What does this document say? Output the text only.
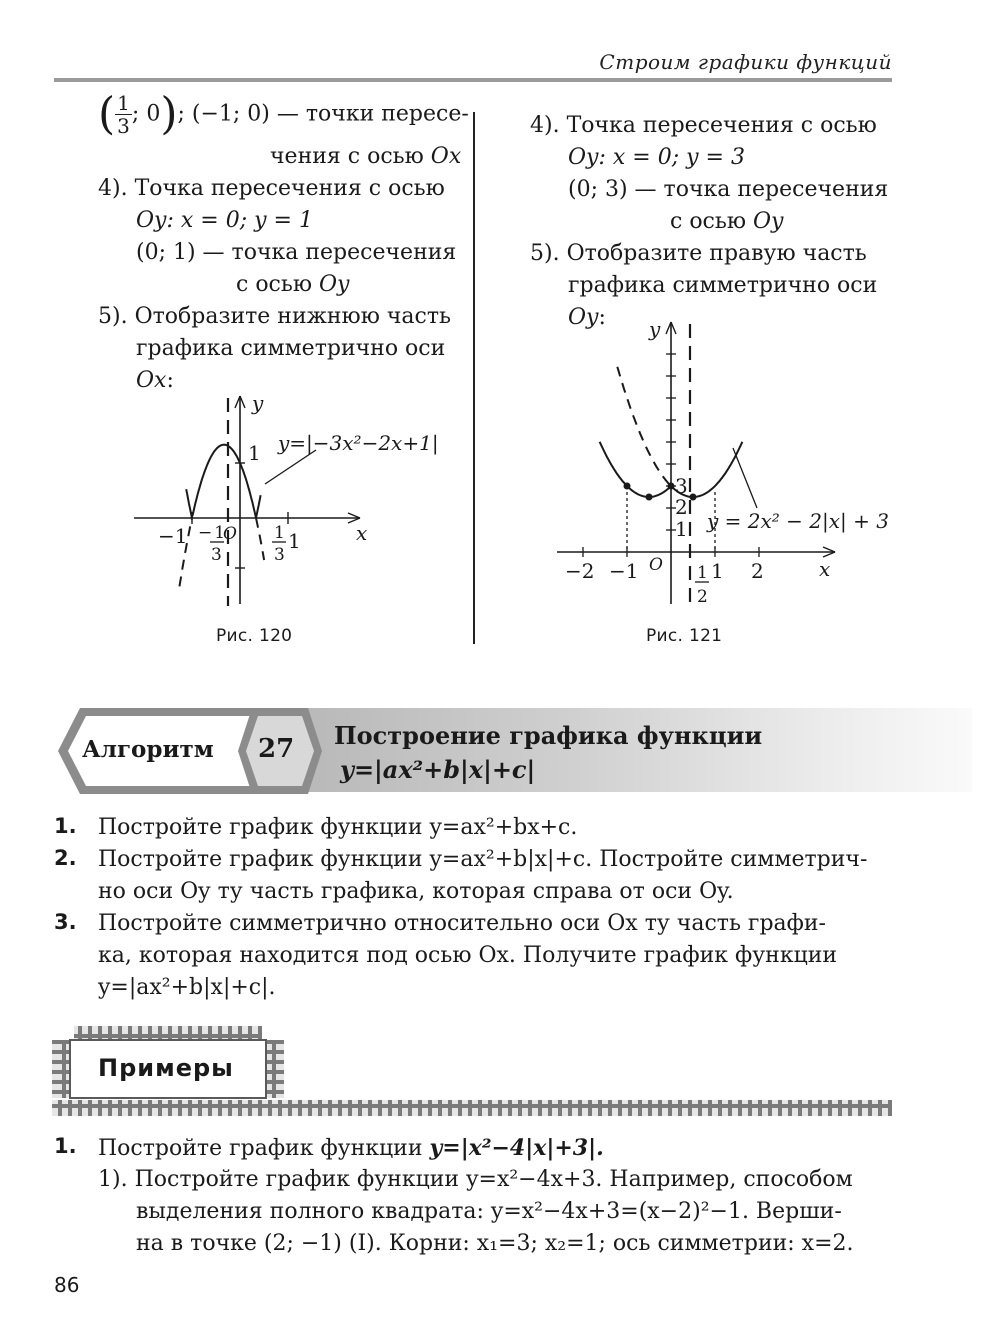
Строим графики функций
( $\frac{1}{3}$ ; 0); (−1; 0) — точки пересе-
чения с осью Ox
4). Точка пересечения с осью
Oy: x = 0; y = 1
(0; 1) — точка пересечения
с осью Oy
5). Отобразите нижнюю часть
графика симметрично оси
Ox:
y
x
O
1
−1	1
− 1
3
1
3
y=|−3x²−2x+1|
Рис. 120
4). Точка пересечения с осью
Oy: x = 0; y = 3
(0; 3) — точка пересечения
с осью Oy
5). Отобразите правую часть
графика симметрично оси
Oy: y
x
O
−2 −1	1 2
1
2
3
2
1 y = 2x² − 2|x| + 3
Рис. 121
Алгоритм 27 Построение графика функции
y=|ax²+b|x|+c|
1. Постройте график функции y=ax²+bx+c.
2. Постройте график функции y=ax²+b|x|+c. Постройте симметрич-
но оси Oy ту часть графика, которая справа от оси Oy.
3. Постройте симметрично относительно оси Ox ту часть графи-
ка, которая находится под осью Ox. Получите график функции
y=|ax²+b|x|+c|.
Примеры
1. Постройте график функции y=|x²−4|x|+3|.
1). Постройте график функции y=x²−4x+3. Например, способом
выделения полного квадрата: y=x²−4x+3=(x−2)²−1. Верши-
на в точке (2; −1) (I). Корни: x₁=3; x₂=1; ось симметрии: x=2.
86
